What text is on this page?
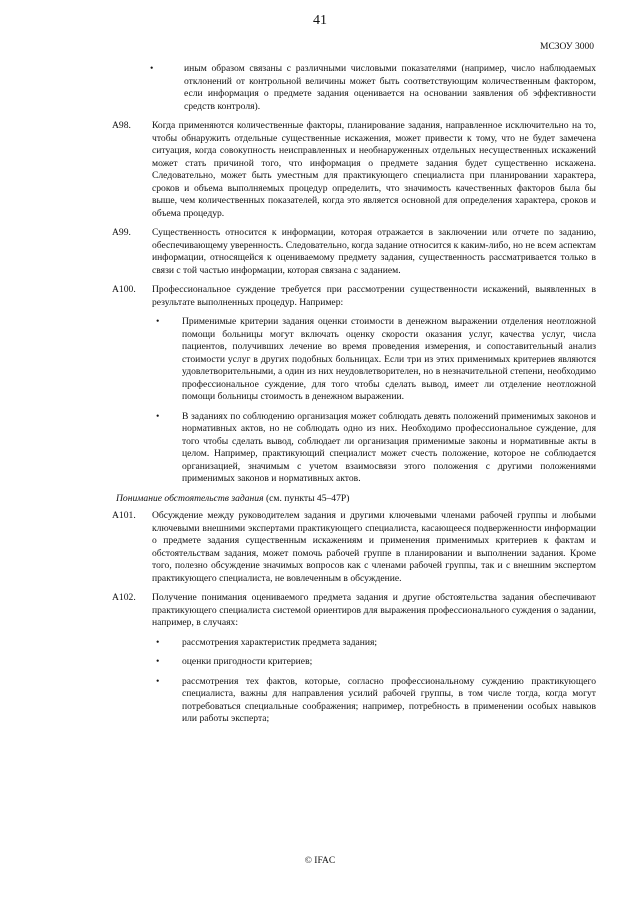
41
МСЗОУ 3000
•	иным образом связаны с различными числовыми показателями (например, число наблюдаемых отклонений от контрольной величины может быть соответствующим количественным фактором, если информация о предмете задания оценивается на основании заявления об эффективности средств контроля).

A98.	Когда применяются количественные факторы, планирование задания, направленное исключительно на то, чтобы обнаружить отдельные существенные искажения, может привести к тому, что не будет замечена ситуация, когда совокупность неисправленных и необнаруженных отдельных несущественных искажений может стать причиной того, что информация о предмете задания будет существенно искажена. Следовательно, может быть уместным для практикующего специалиста при планировании характера, сроков и объема выполняемых процедур определить, что значимость качественных факторов была бы выше, чем количественных показателей, когда это является основной для определения характера, сроков и объема процедур.

A99.	Существенность относится к информации, которая отражается в заключении или отчете по заданию, обеспечивающему уверенность. Следовательно, когда задание относится к каким-либо, но не всем аспектам информации, относящейся к оцениваемому предмету задания, существенность рассматривается только в связи с той частью информации, которая связана с заданием.

A100.	Профессиональное суждение требуется при рассмотрении существенности искажений, выявленных в результате выполненных процедур. Например:

• Применимые критерии задания оценки стоимости в денежном выражении отделения неотложной помощи больницы могут включать оценку скорости оказания услуг, качества услуг, числа пациентов, получивших лечение во время проведения измерения, и сопоставительный анализ стоимости услуг в других подобных больницах. Если три из этих применимых критериев являются удовлетворительными, а один из них неудовлетворителен, но в незначительной степени, необходимо профессиональное суждение, для того чтобы сделать вывод, имеет ли отделение неотложной помощи больницы стоимость в денежном выражении.

• В заданиях по соблюдению организация может соблюдать девять положений применимых законов и нормативных актов, но не соблюдать одно из них. Необходимо профессиональное суждение, для того чтобы сделать вывод, соблюдает ли организация применимые законы и нормативные акты в целом. Например, практикующий специалист может счесть положение, которое не соблюдается организацией, значимым с учетом взаимосвязи этого положения с другими положениями применимых законов и нормативных актов.

Понимание обстоятельств задания (см. пункты 45–47Р)

A101.	Обсуждение между руководителем задания и другими ключевыми членами рабочей группы и любыми ключевыми внешними экспертами практикующего специалиста, касающееся подверженности информации о предмете задания существенным искажениям и применения применимых критериев к фактам и обстоятельствам задания, может помочь рабочей группе в планировании и выполнении задания. Кроме того, полезно обсуждение значимых вопросов как с членами рабочей группы, так и с внешним экспертом практикующего специалиста, не вовлеченным в обсуждение.

A102.	Получение понимания оцениваемого предмета задания и другие обстоятельства задания обеспечивают практикующего специалиста системой ориентиров для выражения профессионального суждения о задании, например, в случаях:

• рассмотрения характеристик предмета задания;

• оценки пригодности критериев;

• рассмотрения тех фактов, которые, согласно профессиональному суждению практикующего специалиста, важны для направления усилий рабочей группы, в том числе тогда, когда могут потребоваться специальные соображения; например, потребность в применении особых навыков или работы эксперта;

© IFAC
